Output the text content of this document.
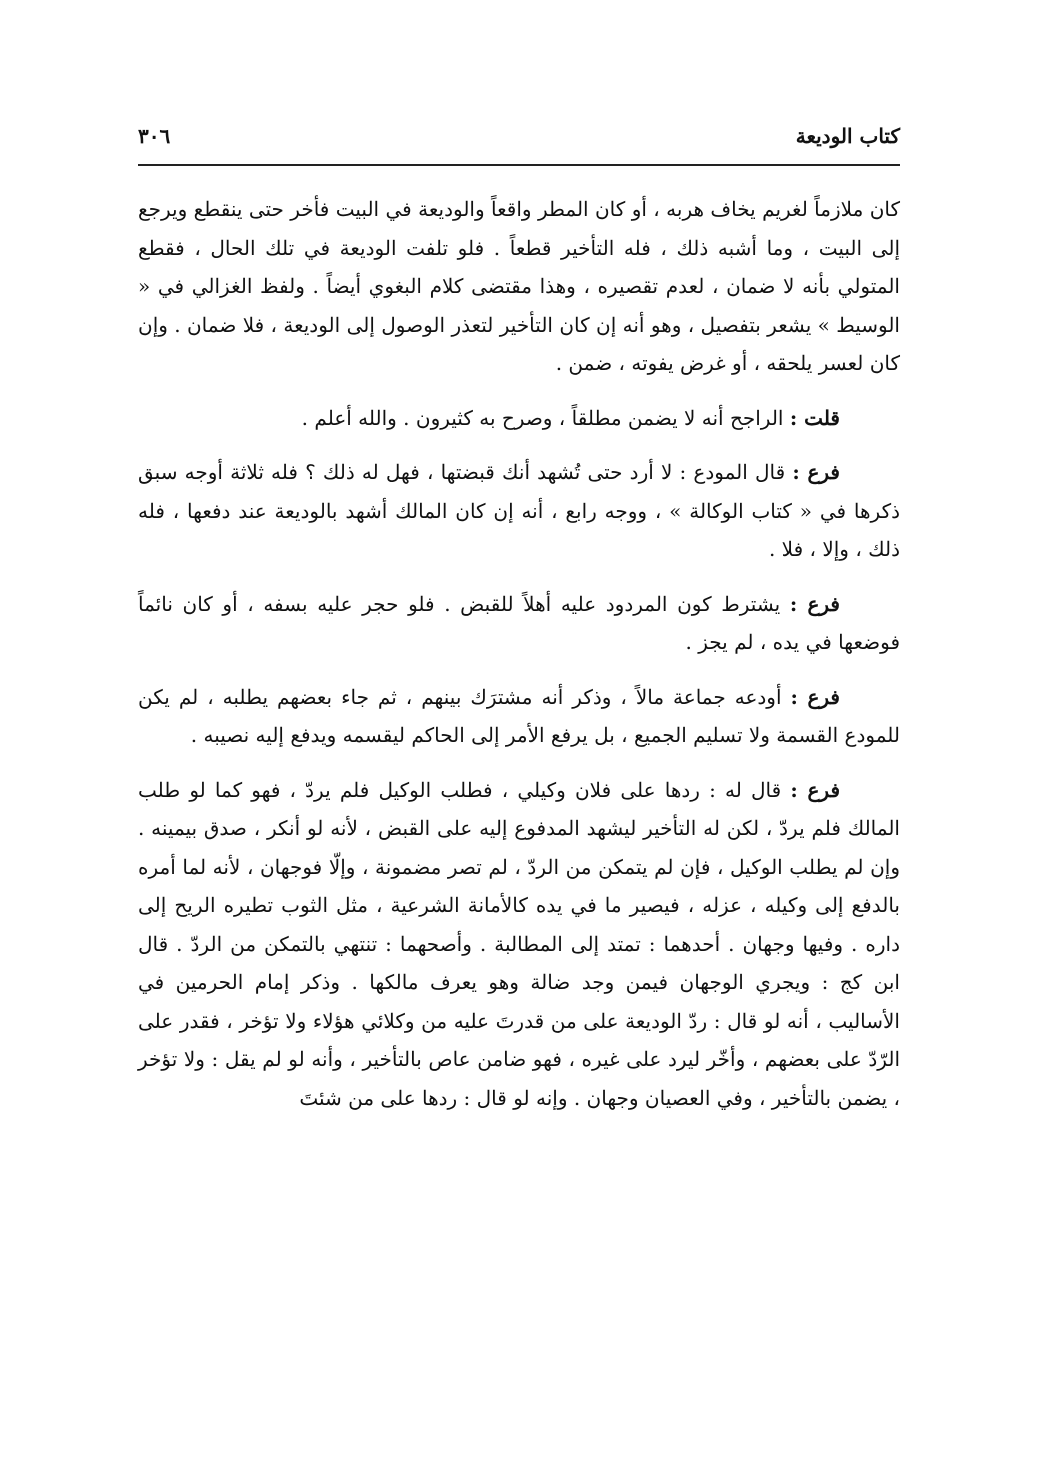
كتاب الوديعة
٣٠٦

كان ملازماً لغريم يخاف هربه ، أو كان المطر واقعاً والوديعة في البيت فأخر حتى ينقطع ويرجع إلى البيت ، وما أشبه ذلك ، فله التأخير قطعاً . فلو تلفت الوديعة في تلك الحال ، فقطع المتولي بأنه لا ضمان ، لعدم تقصيره ، وهذا مقتضى كلام البغوي أيضاً . ولفظ الغزالي في « الوسيط » يشعر بتفصيل ، وهو أنه إن كان التأخير لتعذر الوصول إلى الوديعة ، فلا ضمان . وإن كان لعسر يلحقه ، أو غرض يفوته ، ضمن .

قلت : الراجح أنه لا يضمن مطلقاً ، وصرح به كثيرون . والله أعلم .

فرع : قال المودع : لا أرد حتى تُشهد أنك قبضتها ، فهل له ذلك ؟ فله ثلاثة أوجه سبق ذكرها في « كتاب الوكالة » ، ووجه رابع ، أنه إن كان المالك أشهد بالوديعة عند دفعها ، فله ذلك ، وإلا ، فلا .

فرع : يشترط كون المردود عليه أهلاً للقبض . فلو حجر عليه بسفه ، أو كان نائماً فوضعها في يده ، لم يجز .

فرع : أودعه جماعة مالاً ، وذكر أنه مشترَك بينهم ، ثم جاء بعضهم يطلبه ، لم يكن للمودع القسمة ولا تسليم الجميع ، بل يرفع الأمر إلى الحاكم ليقسمه ويدفع إليه نصيبه .

فرع : قال له : ردها على فلان وكيلي ، فطلب الوكيل فلم يردّ ، فهو كما لو طلب المالك فلم يردّ ، لكن له التأخير ليشهد المدفوع إليه على القبض ، لأنه لو أنكر ، صدق بيمينه . وإن لم يطلب الوكيل ، فإن لم يتمكن من الردّ ، لم تصر مضمونة ، وإلّا فوجهان ، لأنه لما أمره بالدفع إلى وكيله ، عزله ، فيصير ما في يده كالأمانة الشرعية ، مثل الثوب تطيره الريح إلى داره . وفيها وجهان . أحدهما : تمتد إلى المطالبة . وأصحهما : تنتهي بالتمكن من الردّ . قال ابن كج : ويجري الوجهان فيمن وجد ضالة وهو يعرف مالكها . وذكر إمام الحرمين في الأساليب ، أنه لو قال : ردّ الوديعة على من قدرتَ عليه من وكلائي هؤلاء ولا تؤخر ، فقدر على الرّدّ على بعضهم ، وأخّر ليرد على غيره ، فهو ضامن عاص بالتأخير ، وأنه لو لم يقل : ولا تؤخر ، يضمن بالتأخير ، وفي العصيان وجهان . وإنه لو قال : ردها على من شئتَ
